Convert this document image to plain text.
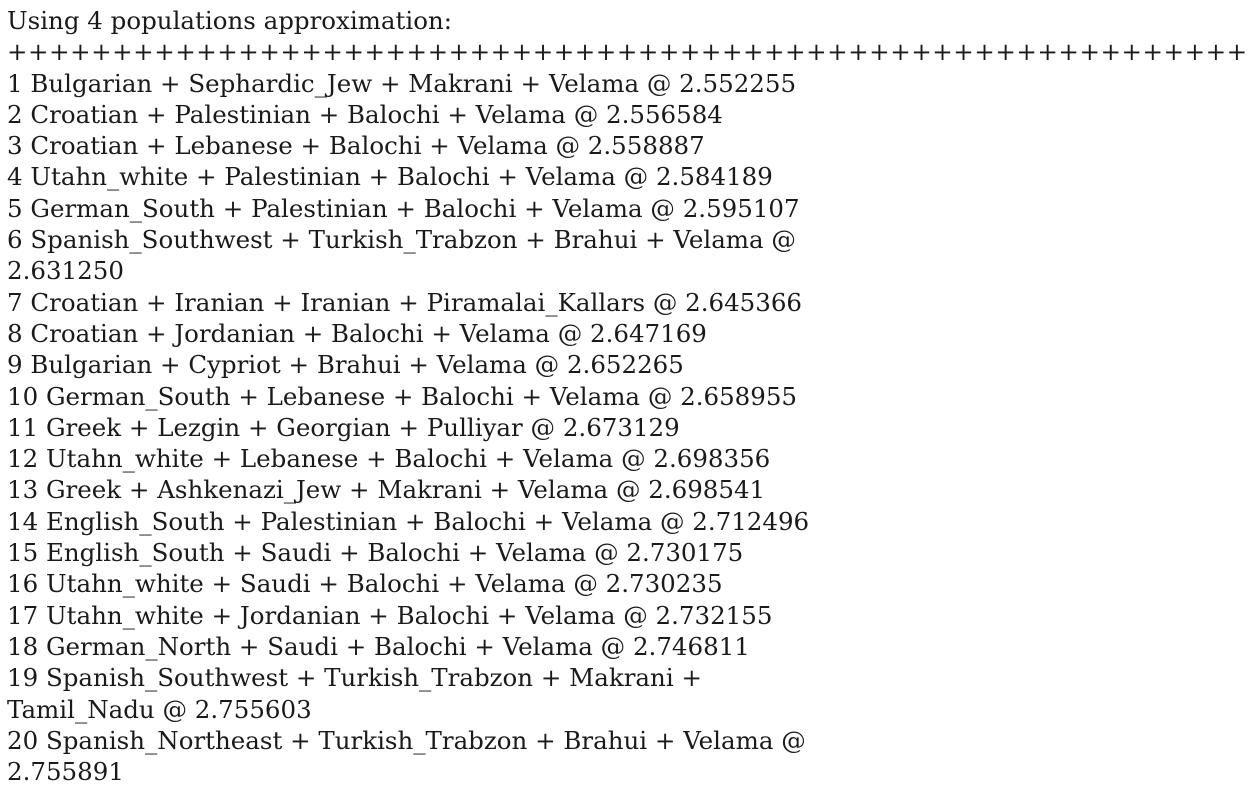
Using 4 populations approximation:
+++++++++++++++++++++++++++++++++++++++++++++++++++++++++++
1 Bulgarian + Sephardic_Jew + Makrani + Velama @ 2.552255
2 Croatian + Palestinian + Balochi + Velama @ 2.556584
3 Croatian + Lebanese + Balochi + Velama @ 2.558887
4 Utahn_white + Palestinian + Balochi + Velama @ 2.584189
5 German_South + Palestinian + Balochi + Velama @ 2.595107
6 Spanish_Southwest + Turkish_Trabzon + Brahui + Velama @
2.631250
7 Croatian + Iranian + Iranian + Piramalai_Kallars @ 2.645366
8 Croatian + Jordanian + Balochi + Velama @ 2.647169
9 Bulgarian + Cypriot + Brahui + Velama @ 2.652265
10 German_South + Lebanese + Balochi + Velama @ 2.658955
11 Greek + Lezgin + Georgian + Pulliyar @ 2.673129
12 Utahn_white + Lebanese + Balochi + Velama @ 2.698356
13 Greek + Ashkenazi_Jew + Makrani + Velama @ 2.698541
14 English_South + Palestinian + Balochi + Velama @ 2.712496
15 English_South + Saudi + Balochi + Velama @ 2.730175
16 Utahn_white + Saudi + Balochi + Velama @ 2.730235
17 Utahn_white + Jordanian + Balochi + Velama @ 2.732155
18 German_North + Saudi + Balochi + Velama @ 2.746811
19 Spanish_Southwest + Turkish_Trabzon + Makrani +
Tamil_Nadu @ 2.755603
20 Spanish_Northeast + Turkish_Trabzon + Brahui + Velama @
2.755891
